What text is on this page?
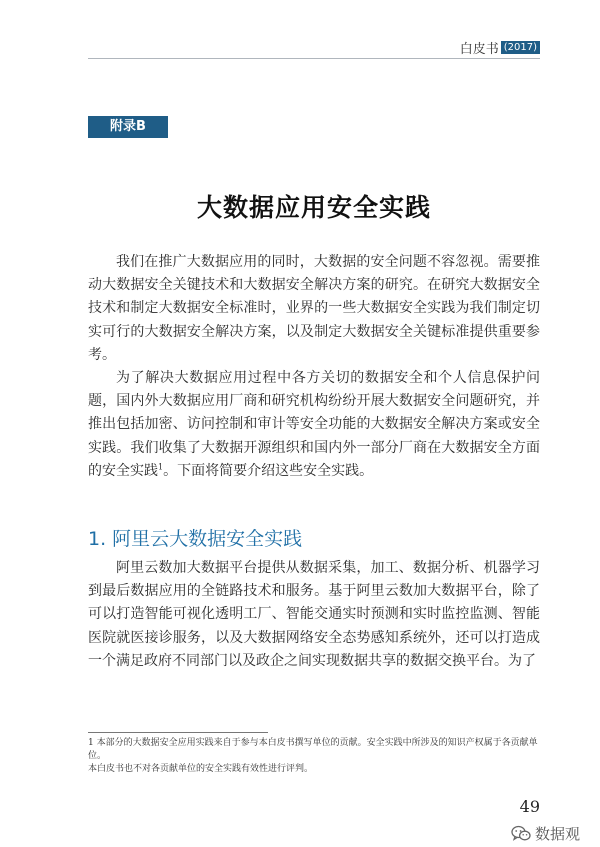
白皮书 (2017)
附录B
大数据应用安全实践

我们在推广大数据应用的同时，大数据的安全问题不容忽视。需要推动大数据安全关键技术和大数据安全解决方案的研究。在研究大数据安全技术和制定大数据安全标准时，业界的一些大数据安全实践为我们制定切实可行的大数据安全解决方案，以及制定大数据安全关键标准提供重要参考。

为了解决大数据应用过程中各方关切的数据安全和个人信息保护问题，国内外大数据应用厂商和研究机构纷纷开展大数据安全问题研究，并推出包括加密、访问控制和审计等安全功能的大数据安全解决方案或安全实践。我们收集了大数据开源组织和国内外一部分厂商在大数据安全方面的安全实践$^1$。下面将简要介绍这些安全实践。

1. 阿里云大数据安全实践

阿里云数加大数据平台提供从数据采集，加工、数据分析、机器学习到最后数据应用的全链路技术和服务。基于阿里云数加大数据平台，除了可以打造智能可视化透明工厂、智能交通实时预测和实时监控监测、智能医院就医接诊服务，以及大数据网络安全态势感知系统外，还可以打造成一个满足政府不同部门以及政企之间实现数据共享的数据交换平台。为了

1 本部分的大数据安全应用实践来自于参与本白皮书撰写单位的贡献。安全实践中所涉及的知识产权属于各贡献单位。

本白皮书也不对各贡献单位的安全实践有效性进行评判。

49
数据观
